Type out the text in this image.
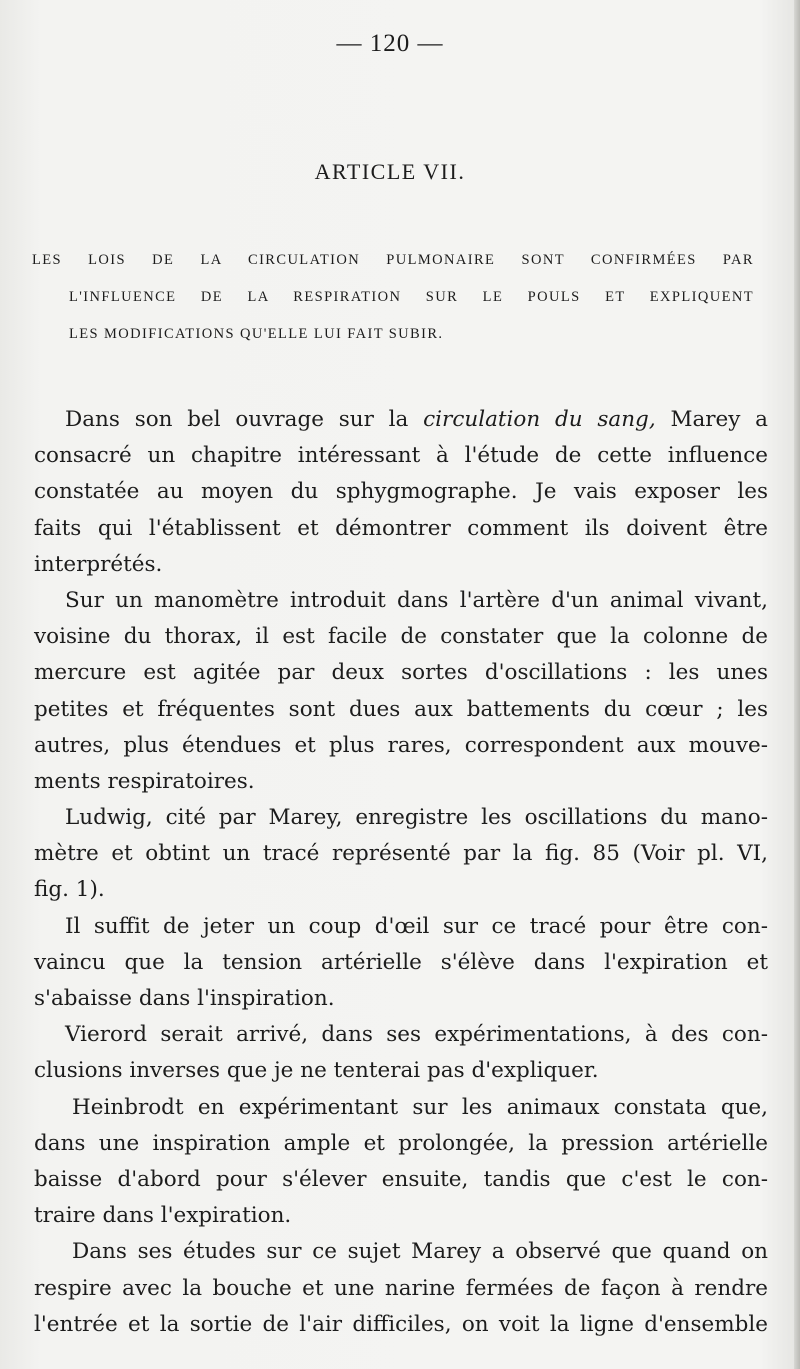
— 120 —
ARTICLE VII.
LES LOIS DE LA CIRCULATION PULMONAIRE SONT CONFIRMÉES PAR
L'INFLUENCE DE LA RESPIRATION SUR LE POULS ET EXPLIQUENT
LES MODIFICATIONS QU'ELLE LUI FAIT SUBIR.
Dans son bel ouvrage sur la circulation du sang, Marey a
consacré un chapitre intéressant à l'étude de cette influence
constatée au moyen du sphygmographe. Je vais exposer les
faits qui l'établissent et démontrer comment ils doivent être
interprétés.
Sur un manomètre introduit dans l'artère d'un animal vivant,
voisine du thorax, il est facile de constater que la colonne de
mercure est agitée par deux sortes d'oscillations : les unes
petites et fréquentes sont dues aux battements du cœur ; les
autres, plus étendues et plus rares, correspondent aux mouve-
ments respiratoires.
Ludwig, cité par Marey, enregistre les oscillations du mano-
mètre et obtint un tracé représenté par la fig. 85 (Voir pl. VI,
fig. 1).
Il suffit de jeter un coup d'œil sur ce tracé pour être con-
vaincu que la tension artérielle s'élève dans l'expiration et
s'abaisse dans l'inspiration.
Vierord serait arrivé, dans ses expérimentations, à des con-
clusions inverses que je ne tenterai pas d'expliquer.
Heinbrodt en expérimentant sur les animaux constata que,
dans une inspiration ample et prolongée, la pression artérielle
baisse d'abord pour s'élever ensuite, tandis que c'est le con-
traire dans l'expiration.
Dans ses études sur ce sujet Marey a observé que quand on
respire avec la bouche et une narine fermées de façon à rendre
l'entrée et la sortie de l'air difficiles, on voit la ligne d'ensemble
